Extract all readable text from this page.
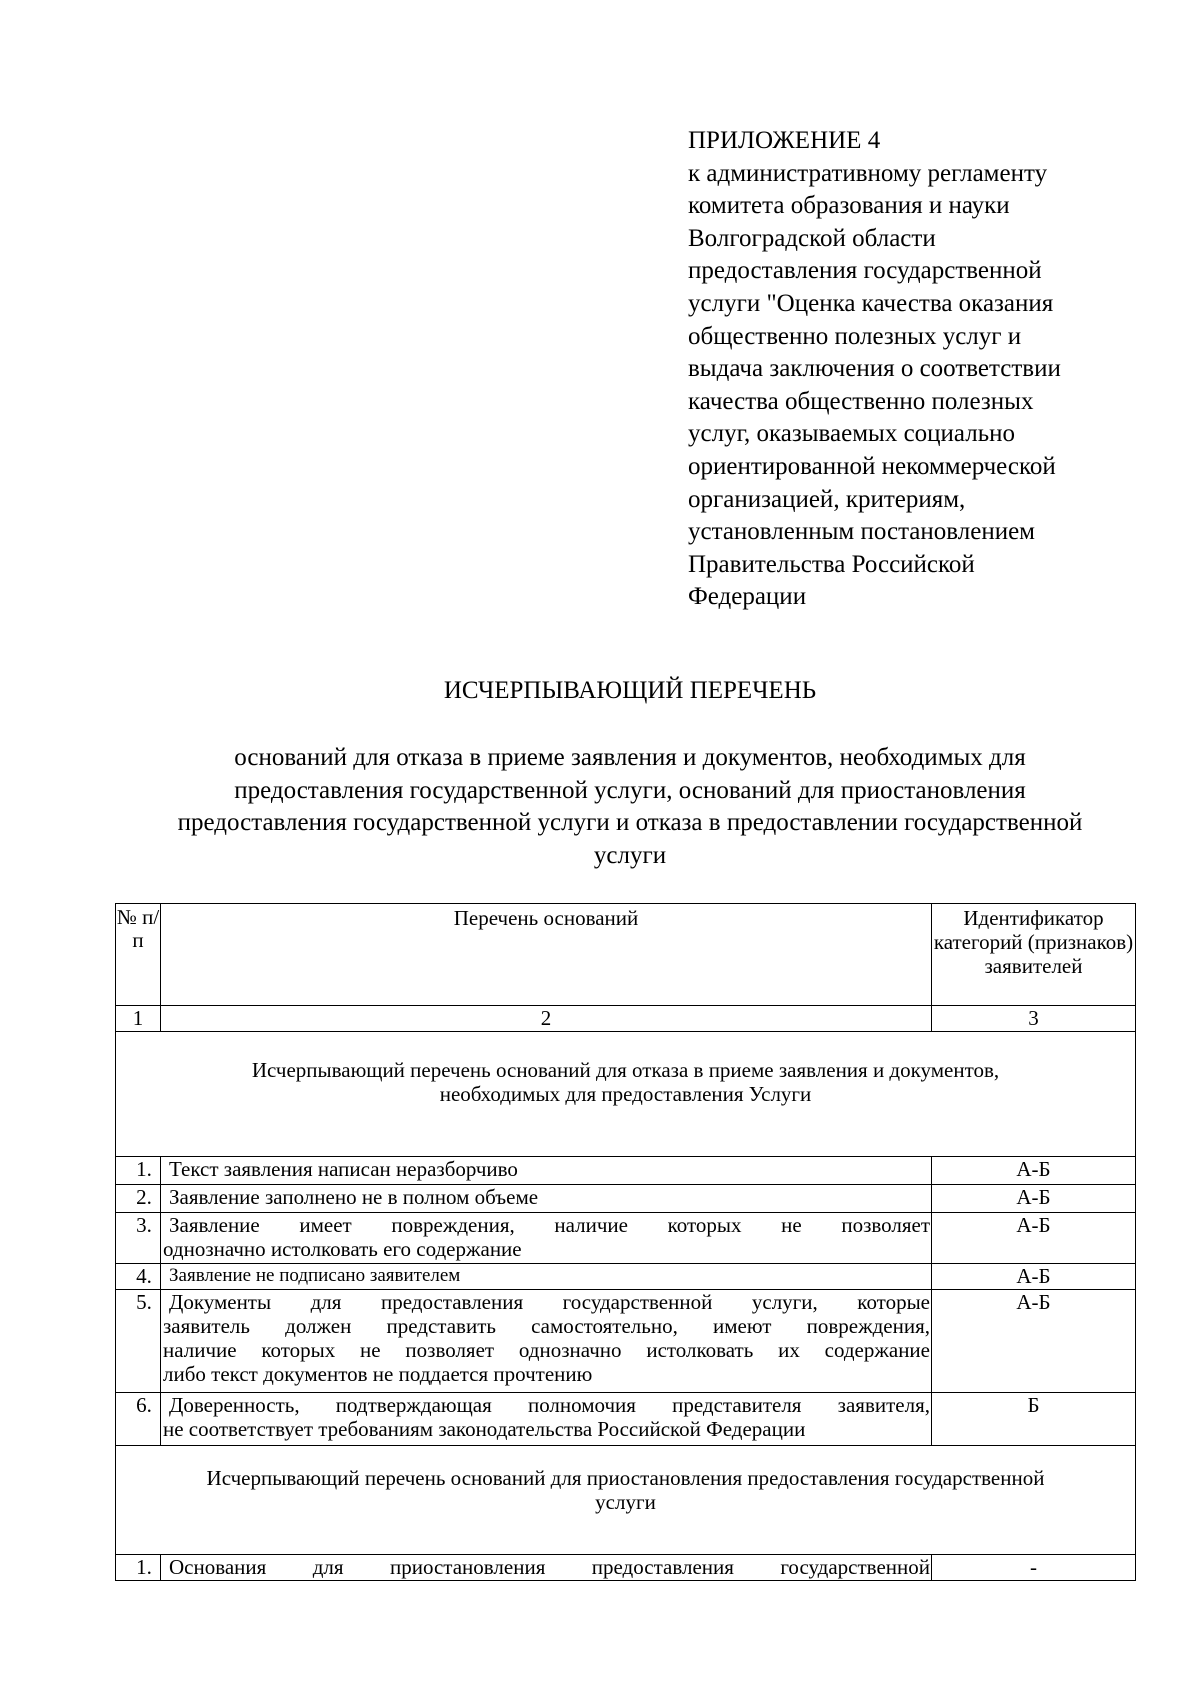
ПРИЛОЖЕНИЕ 4
к административному регламенту
комитета образования и науки
Волгоградской области
предоставления государственной
услуги "Оценка качества оказания
общественно полезных услуг и
выдача заключения о соответствии
качества общественно полезных
услуг, оказываемых социально
ориентированной некоммерческой
организацией, критериям,
установленным постановлением
Правительства Российской
Федерации
ИСЧЕРПЫВАЮЩИЙ ПЕРЕЧЕНЬ
оснований для отказа в приеме заявления и документов, необходимых для
предоставления государственной услуги, оснований для приостановления
предоставления государственной услуги и отказа в предоставлении государственной
услуги
№ п/п	Перечень оснований	Идентификатор категорий (признаков) заявителей
1	2	3

Исчерпывающий перечень оснований для отказа в приеме заявления и документов,
необходимых для предоставления Услуги		

1.	Текст заявления написан неразборчиво	А-Б
2.	Заявление заполнено не в полном объеме	А-Б
3.	Заявление имеет повреждения, наличие которых не позволяет
однозначно истолковать его содержание	А-Б
4.	Заявление не подписано заявителем	А-Б
5.	Документы для предоставления государственной услуги, которые
заявитель должен представить самостоятельно, имеют повреждения,
наличие которых не позволяет однозначно истолковать их содержание
либо текст документов не поддается прочтению	А-Б
6.	Доверенность, подтверждающая полномочия представителя заявителя,
не соответствует требованиям законодательства Российской Федерации	Б

Исчерпывающий перечень оснований для приостановления предоставления государственной
услуги		

1.	Основания для приостановления предоставления государственной	-
